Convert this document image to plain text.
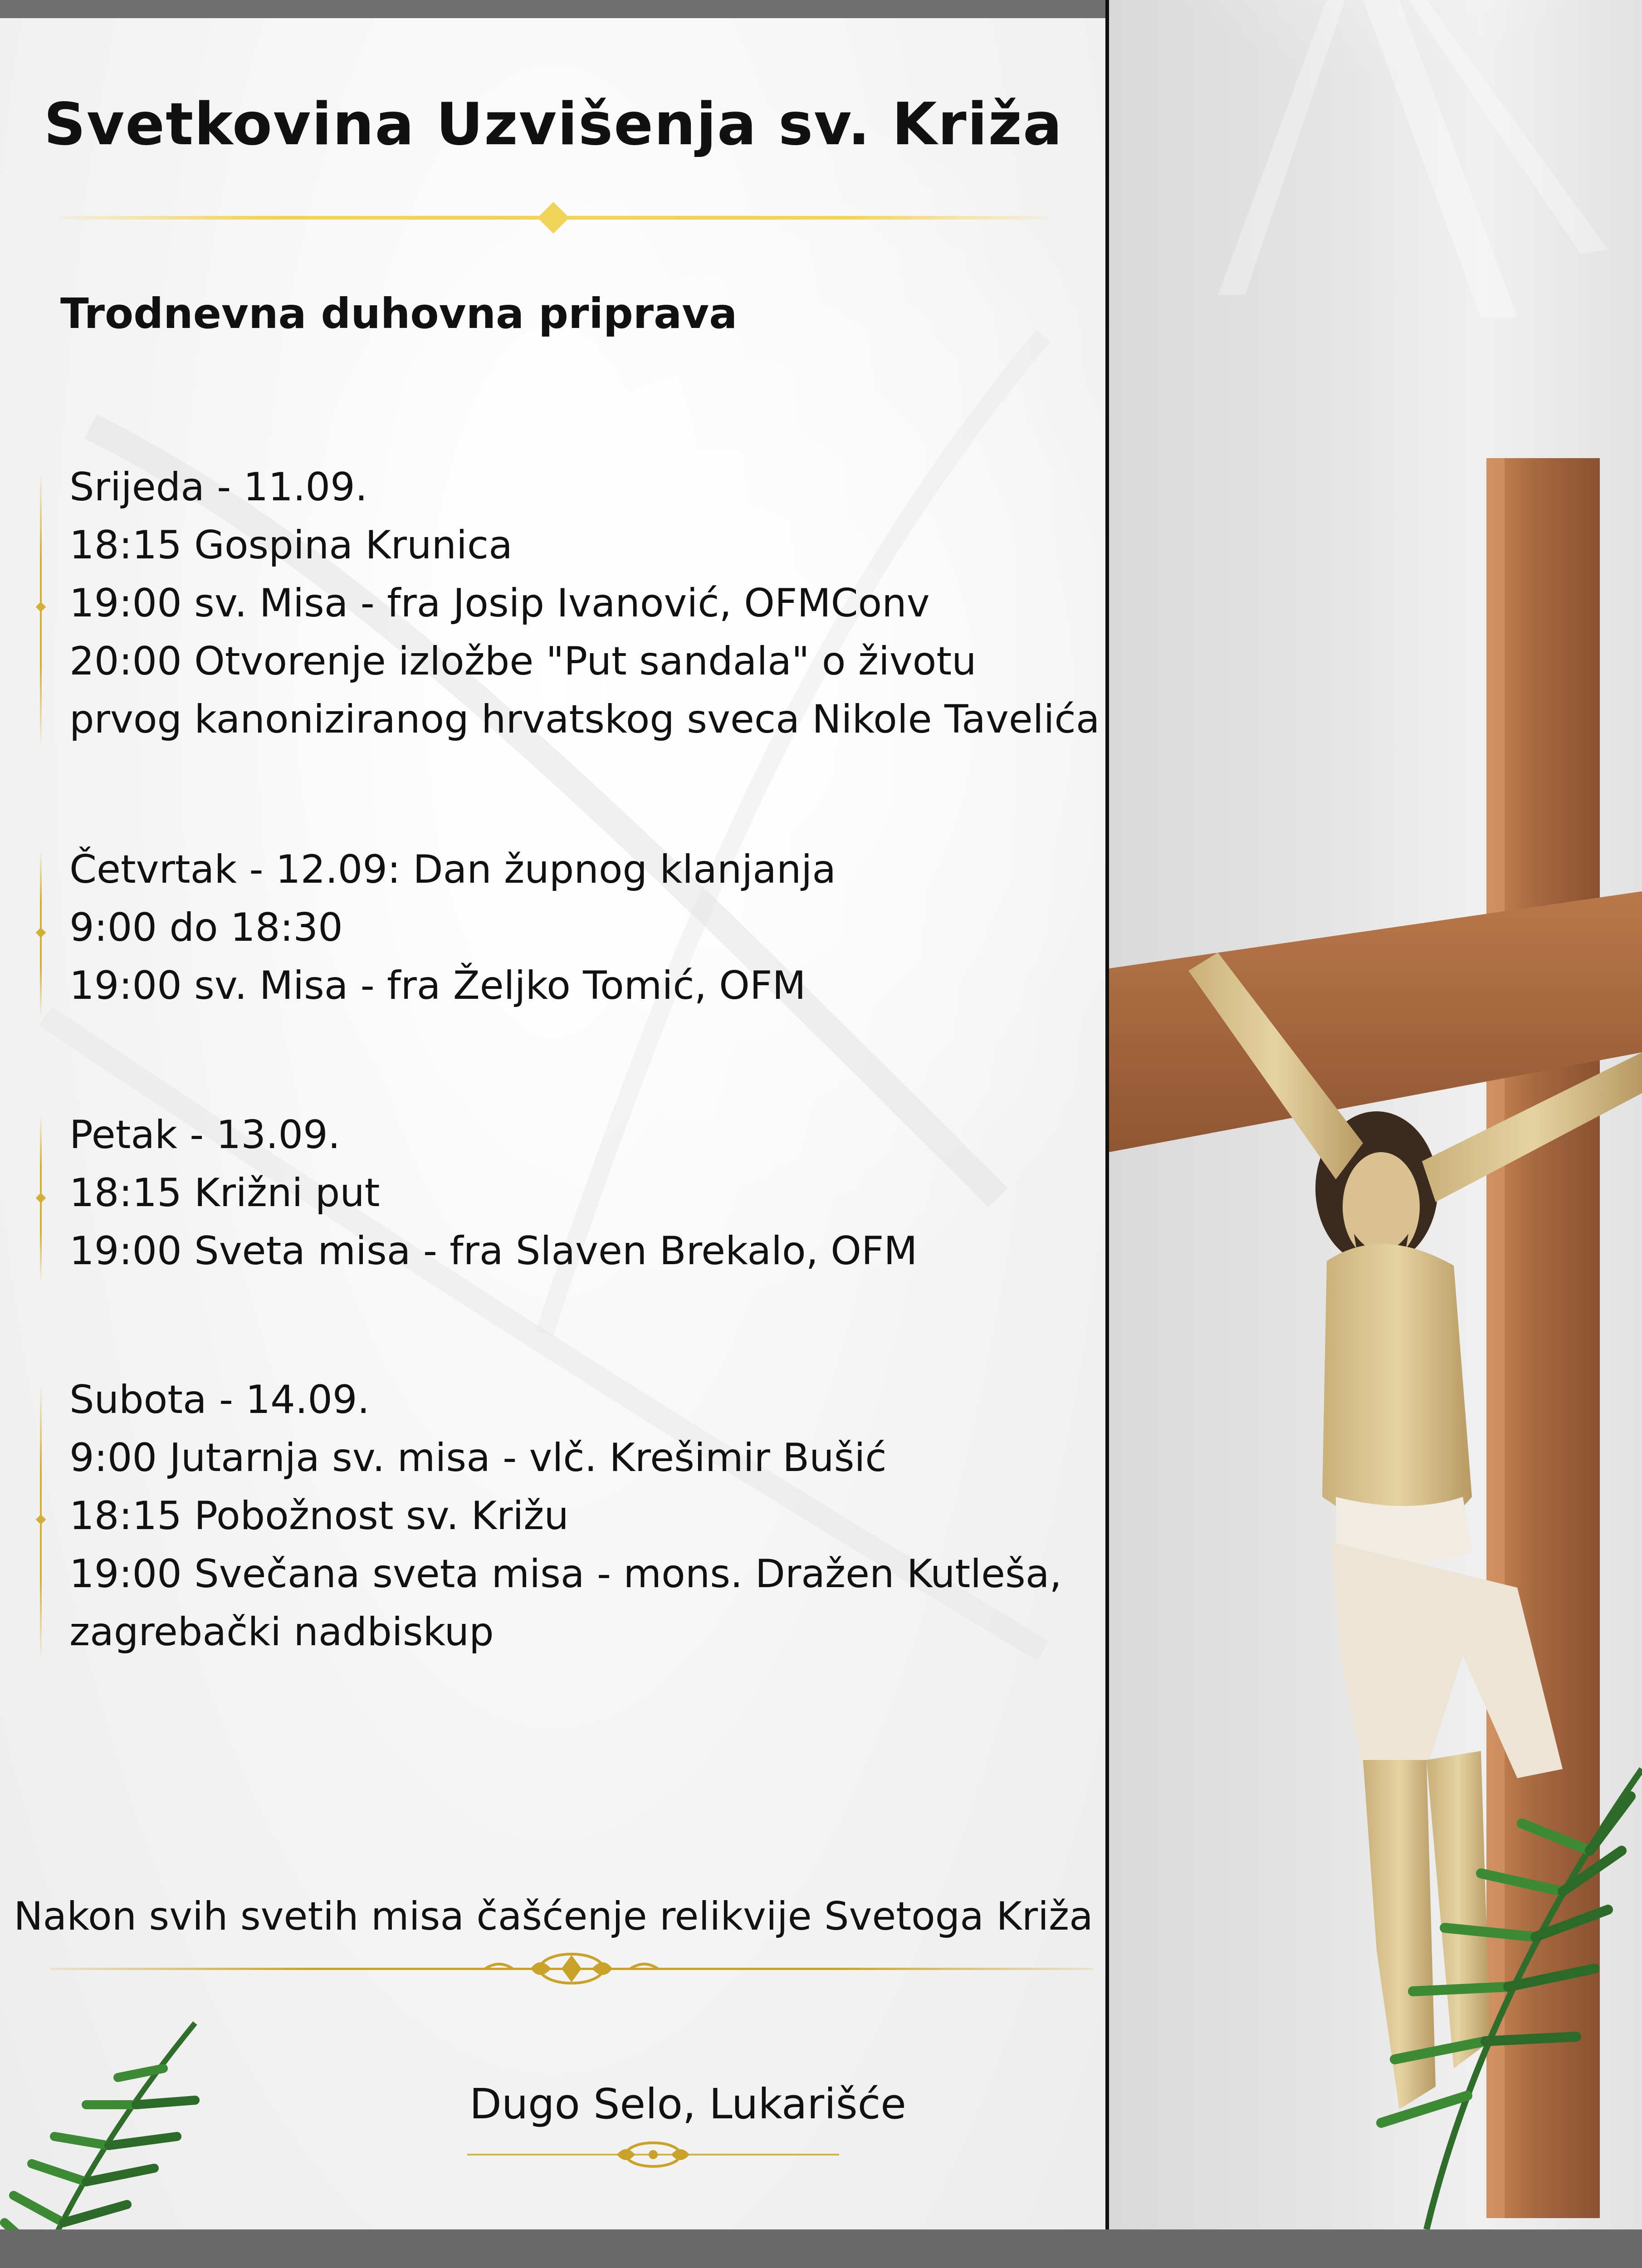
Svetkovina Uzvišenja sv. Križa
Trodnevna duhovna priprava
Srijeda - 11.09.
18:15 Gospina Krunica
19:00 sv. Misa - fra Josip Ivanović, OFMConv
20:00 Otvorenje izložbe "Put sandala" o životu
prvog kanoniziranog hrvatskog sveca Nikole Tavelića
Četvrtak - 12.09: Dan župnog klanjanja
9:00 do 18:30
19:00 sv. Misa - fra Željko Tomić, OFM
Petak - 13.09.
18:15 Križni put
19:00 Sveta misa - fra Slaven Brekalo, OFM
Subota - 14.09.
9:00 Jutarnja sv. misa - vlč. Krešimir Bušić
18:15 Pobožnost sv. Križu
19:00 Svečana sveta misa - mons. Dražen Kutleša,
zagrebački nadbiskup
Nakon svih svetih misa čašćenje relikvije Svetoga Križa
Dugo Selo, Lukarišće
